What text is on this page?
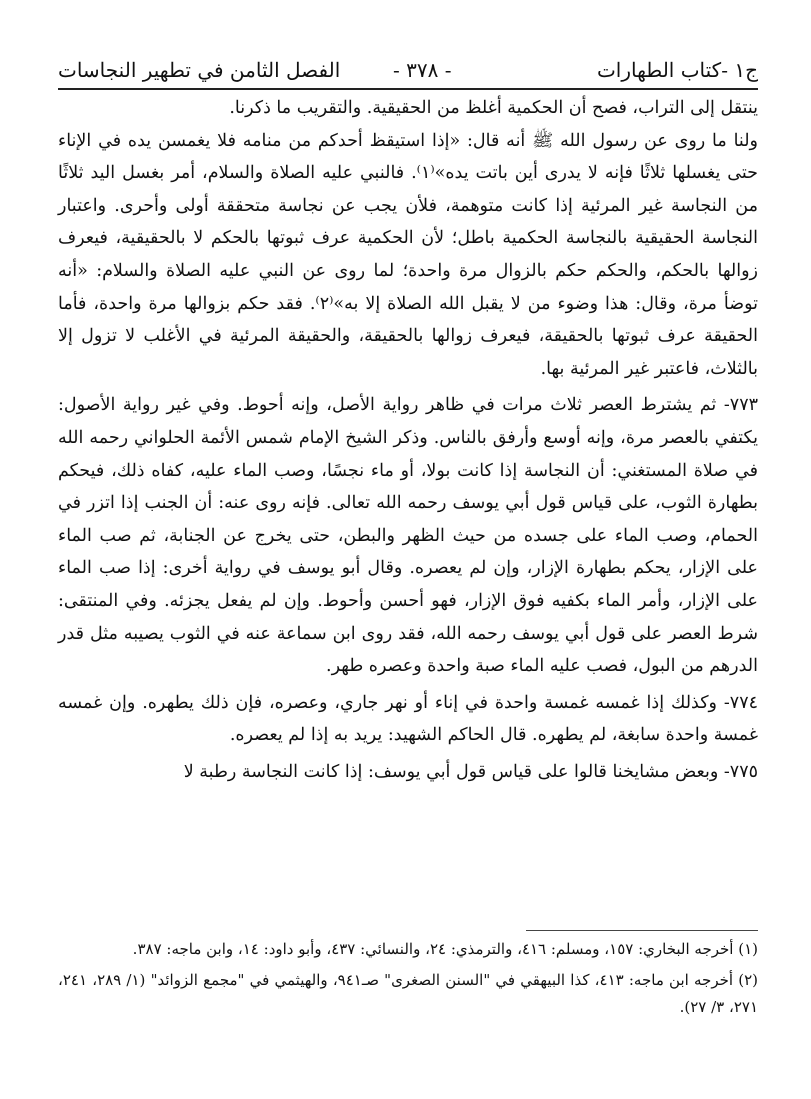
ج١ -كتاب الطهارات
- ٣٧٨ -
الفصل الثامن في تطهير النجاسات

ينتقل إلى التراب، فصح أن الحكمية أغلظ من الحقيقية. والتقريب ما ذكرنا.

ولنا ما روى عن رسول الله ﷺ أنه قال: «إذا استيقظ أحدكم من منامه فلا يغمسن يده في الإناء حتى يغسلها ثلاثًا فإنه لا يدرى أين باتت يده»⁽١⁾. فالنبي عليه الصلاة والسلام، أمر بغسل اليد ثلاثًا من النجاسة غير المرئية إذا كانت متوهمة، فلأن يجب عن نجاسة متحققة أولى وأحرى. واعتبار النجاسة الحقيقية بالنجاسة الحكمية باطل؛ لأن الحكمية عرف ثبوتها بالحكم لا بالحقيقية، فيعرف زوالها بالحكم، والحكم حكم بالزوال مرة واحدة؛ لما روى عن النبي عليه الصلاة والسلام: «أنه توضأ مرة، وقال: هذا وضوء من لا يقبل الله الصلاة إلا به»⁽٢⁾. فقد حكم بزوالها مرة واحدة، فأما الحقيقة عرف ثبوتها بالحقيقة، فيعرف زوالها بالحقيقة، والحقيقة المرئية في الأغلب لا تزول إلا بالثلاث، فاعتبر غير المرئية بها.

٧٧٣- ثم يشترط العصر ثلاث مرات في ظاهر رواية الأصل، وإنه أحوط. وفي غير رواية الأصول: يكتفي بالعصر مرة، وإنه أوسع وأرفق بالناس. وذكر الشيخ الإمام شمس الأئمة الحلواني رحمه الله في صلاة المستغني: أن النجاسة إذا كانت بولا، أو ماء نجسًا، وصب الماء عليه، كفاه ذلك، فيحكم بطهارة الثوب، على قياس قول أبي يوسف رحمه الله تعالى. فإنه روى عنه: أن الجنب إذا اتزر في الحمام، وصب الماء على جسده من حيث الظهر والبطن، حتى يخرج عن الجنابة، ثم صب الماء على الإزار، يحكم بطهارة الإزار، وإن لم يعصره. وقال أبو يوسف في رواية أخرى: إذا صب الماء على الإزار، وأمر الماء بكفيه فوق الإزار، فهو أحسن وأحوط. وإن لم يفعل يجزئه. وفي المنتقى: شرط العصر على قول أبي يوسف رحمه الله، فقد روى ابن سماعة عنه في الثوب يصيبه مثل قدر الدرهم من البول، فصب عليه الماء صبة واحدة وعصره طهر.

٧٧٤- وكذلك إذا غمسه غمسة واحدة في إناء أو نهر جاري، وعصره، فإن ذلك يطهره. وإن غمسه غمسة واحدة سابغة، لم يطهره. قال الحاكم الشهيد: يريد به إذا لم يعصره.

٧٧٥- وبعض مشايخنا قالوا على قياس قول أبي يوسف: إذا كانت النجاسة رطبة لا

(١) أخرجه البخاري: ١٥٧، ومسلم: ٤١٦، والترمذي: ٢٤، والنسائي: ٤٣٧، وأبو داود: ١٤، وابن ماجه: ٣٨٧.

(٢) أخرجه ابن ماجه: ٤١٣، كذا البيهقي في "السنن الصغرى" صـ٩٤١، والهيثمي في "مجمع الزوائد" (١/ ٢٨٩، ٢٤١، ٢٧١، ٣/ ٢٧).
